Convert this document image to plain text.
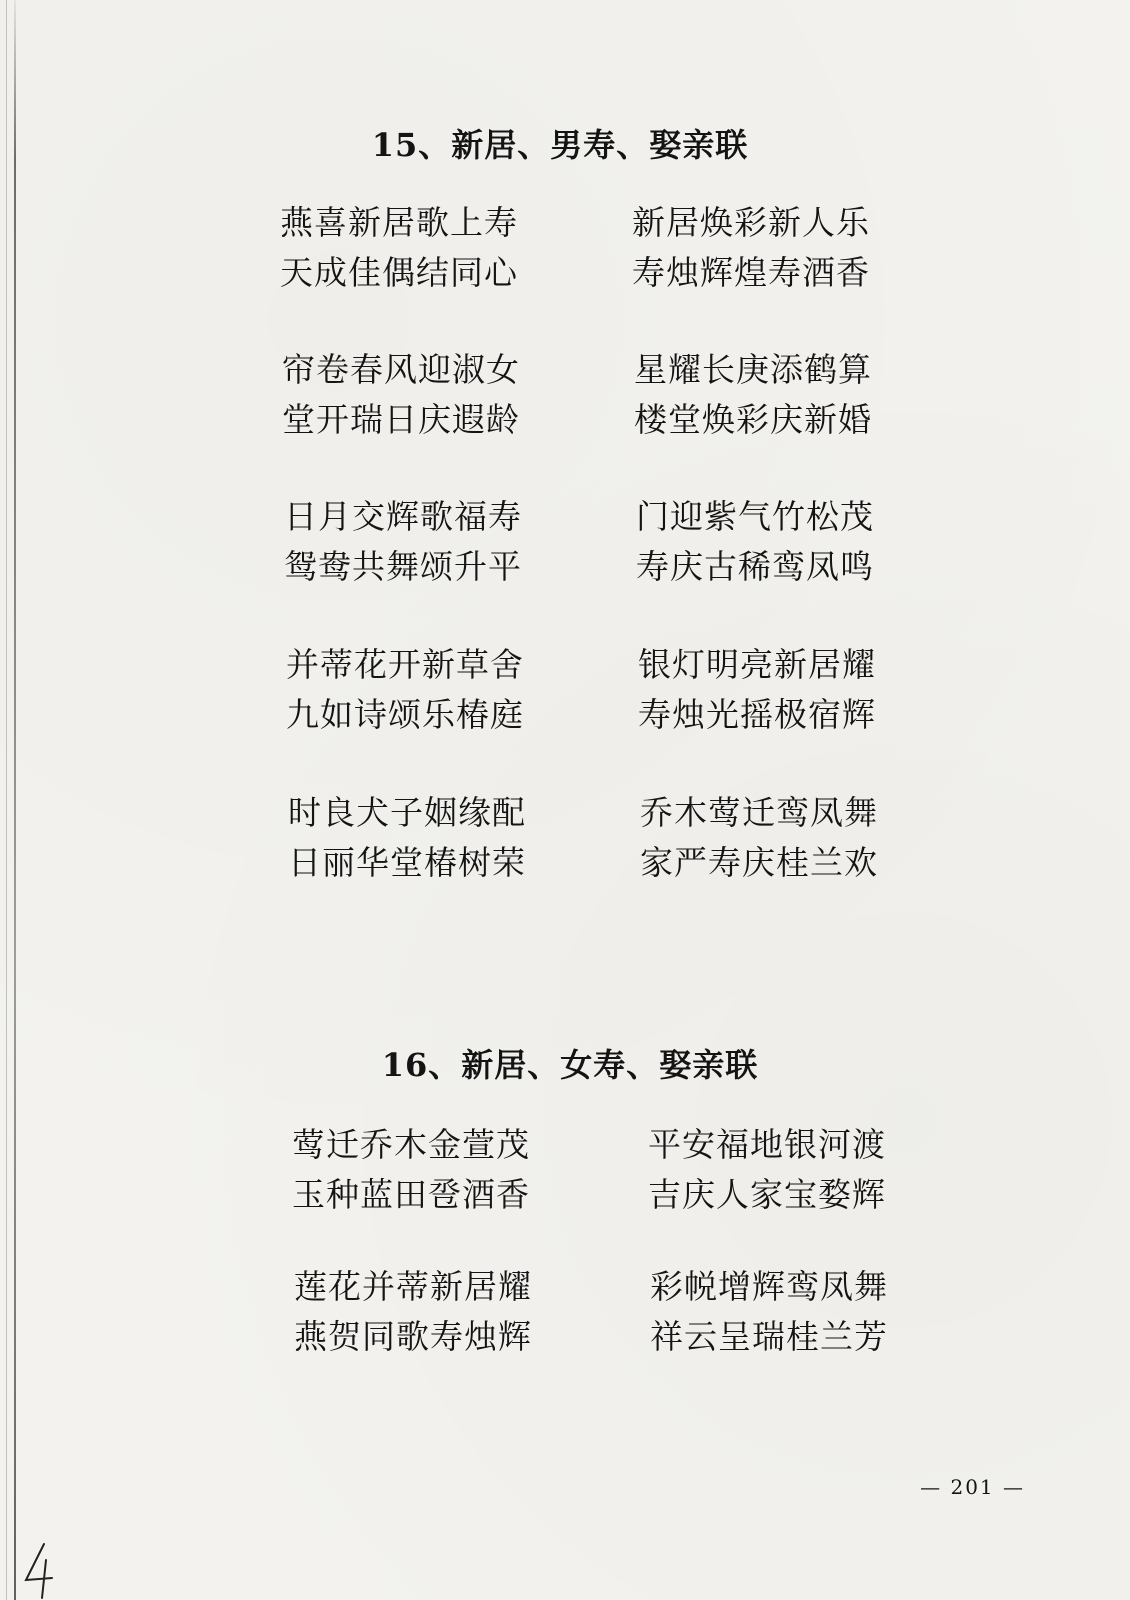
15、新居、男寿、娶亲联
燕喜新居歌上寿
天成佳偶结同心
新居焕彩新人乐
寿烛辉煌寿酒香
帘卷春风迎淑女
堂开瑞日庆遐龄
星耀长庚添鹤算
楼堂焕彩庆新婚
日月交辉歌福寿
鸳鸯共舞颂升平
门迎紫气竹松茂
寿庆古稀鸾凤鸣
并蒂花开新草舍
九如诗颂乐椿庭
银灯明亮新居耀
寿烛光摇极宿辉
时良犬子姻缘配
日丽华堂椿树荣
乔木莺迁鸾凤舞
家严寿庆桂兰欢
16、新居、女寿、娶亲联
莺迁乔木金萱茂
玉种蓝田卺酒香
平安福地银河渡
吉庆人家宝婺辉
莲花并蒂新居耀
燕贺同歌寿烛辉
彩帨增辉鸾凤舞
祥云呈瑞桂兰芳
— 201 —
